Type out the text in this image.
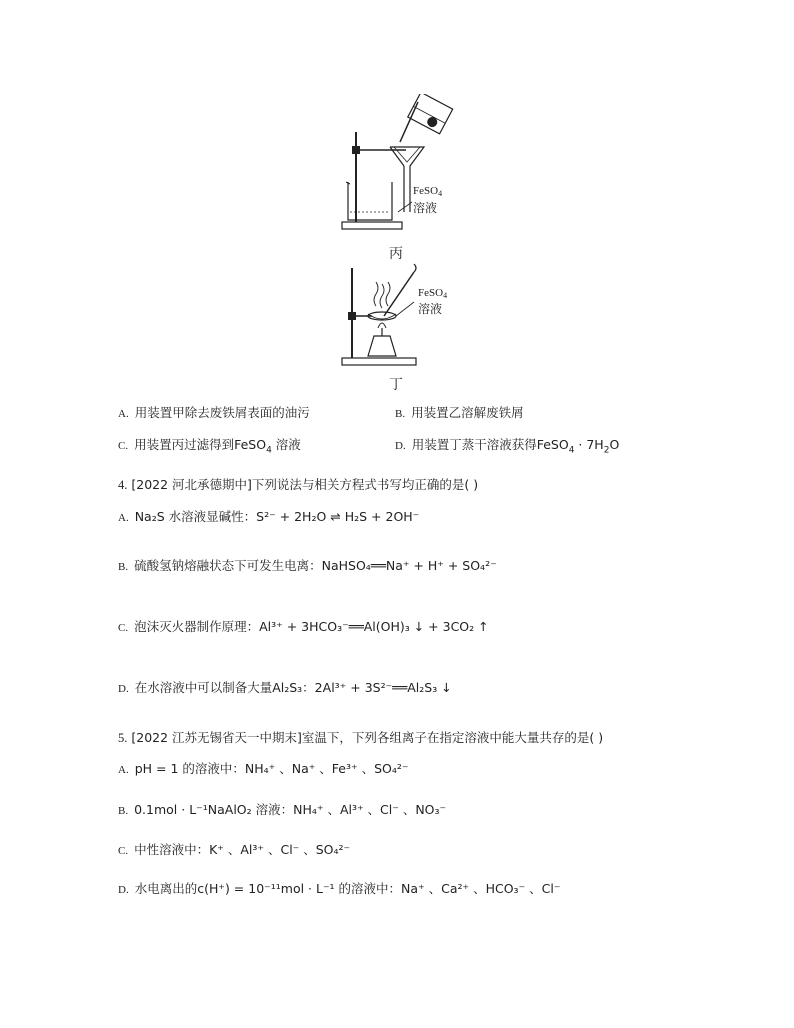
FeSO4
溶液
丙
FeSO4
溶液
丁
A. 用装置甲除去废铁屑表面的油污	B. 用装置乙溶解废铁屑
C. 用装置丙过滤得到FeSO$_4$ 溶液	D. 用装置丁蒸干溶液获得FeSO$_4$ · $7H_2O$
4. [2022 河北承德期中]下列说法与相关方程式书写均正确的是( )
A. Na₂S 水溶液显碱性：S²⁻ + 2H₂O ⇌ H₂S + 2OH⁻
B. 硫酸氢钠熔融状态下可发生电离：NaHSO₄══Na⁺ + H⁺ + SO₄²⁻
C. 泡沫灭火器制作原理：Al³⁺ + 3HCO₃⁻══Al(OH)₃ ↓ + 3CO₂ ↑
D. 在水溶液中可以制备大量Al₂S₃：2Al³⁺ + 3S²⁻══Al₂S₃ ↓
5. [2022 江苏无锡省天一中期末]室温下，下列各组离子在指定溶液中能大量共存的是( )
A. pH = 1 的溶液中：NH₄⁺ 、Na⁺ 、Fe³⁺ 、SO₄²⁻
B. 0.1mol · L⁻¹NaAlO₂ 溶液：NH₄⁺ 、Al³⁺ 、Cl⁻ 、NO₃⁻
C. 中性溶液中：K⁺ 、Al³⁺ 、Cl⁻ 、SO₄²⁻
D. 水电离出的c(H⁺) = 10⁻¹¹mol · L⁻¹ 的溶液中：Na⁺ 、Ca²⁺ 、HCO₃⁻ 、Cl⁻
